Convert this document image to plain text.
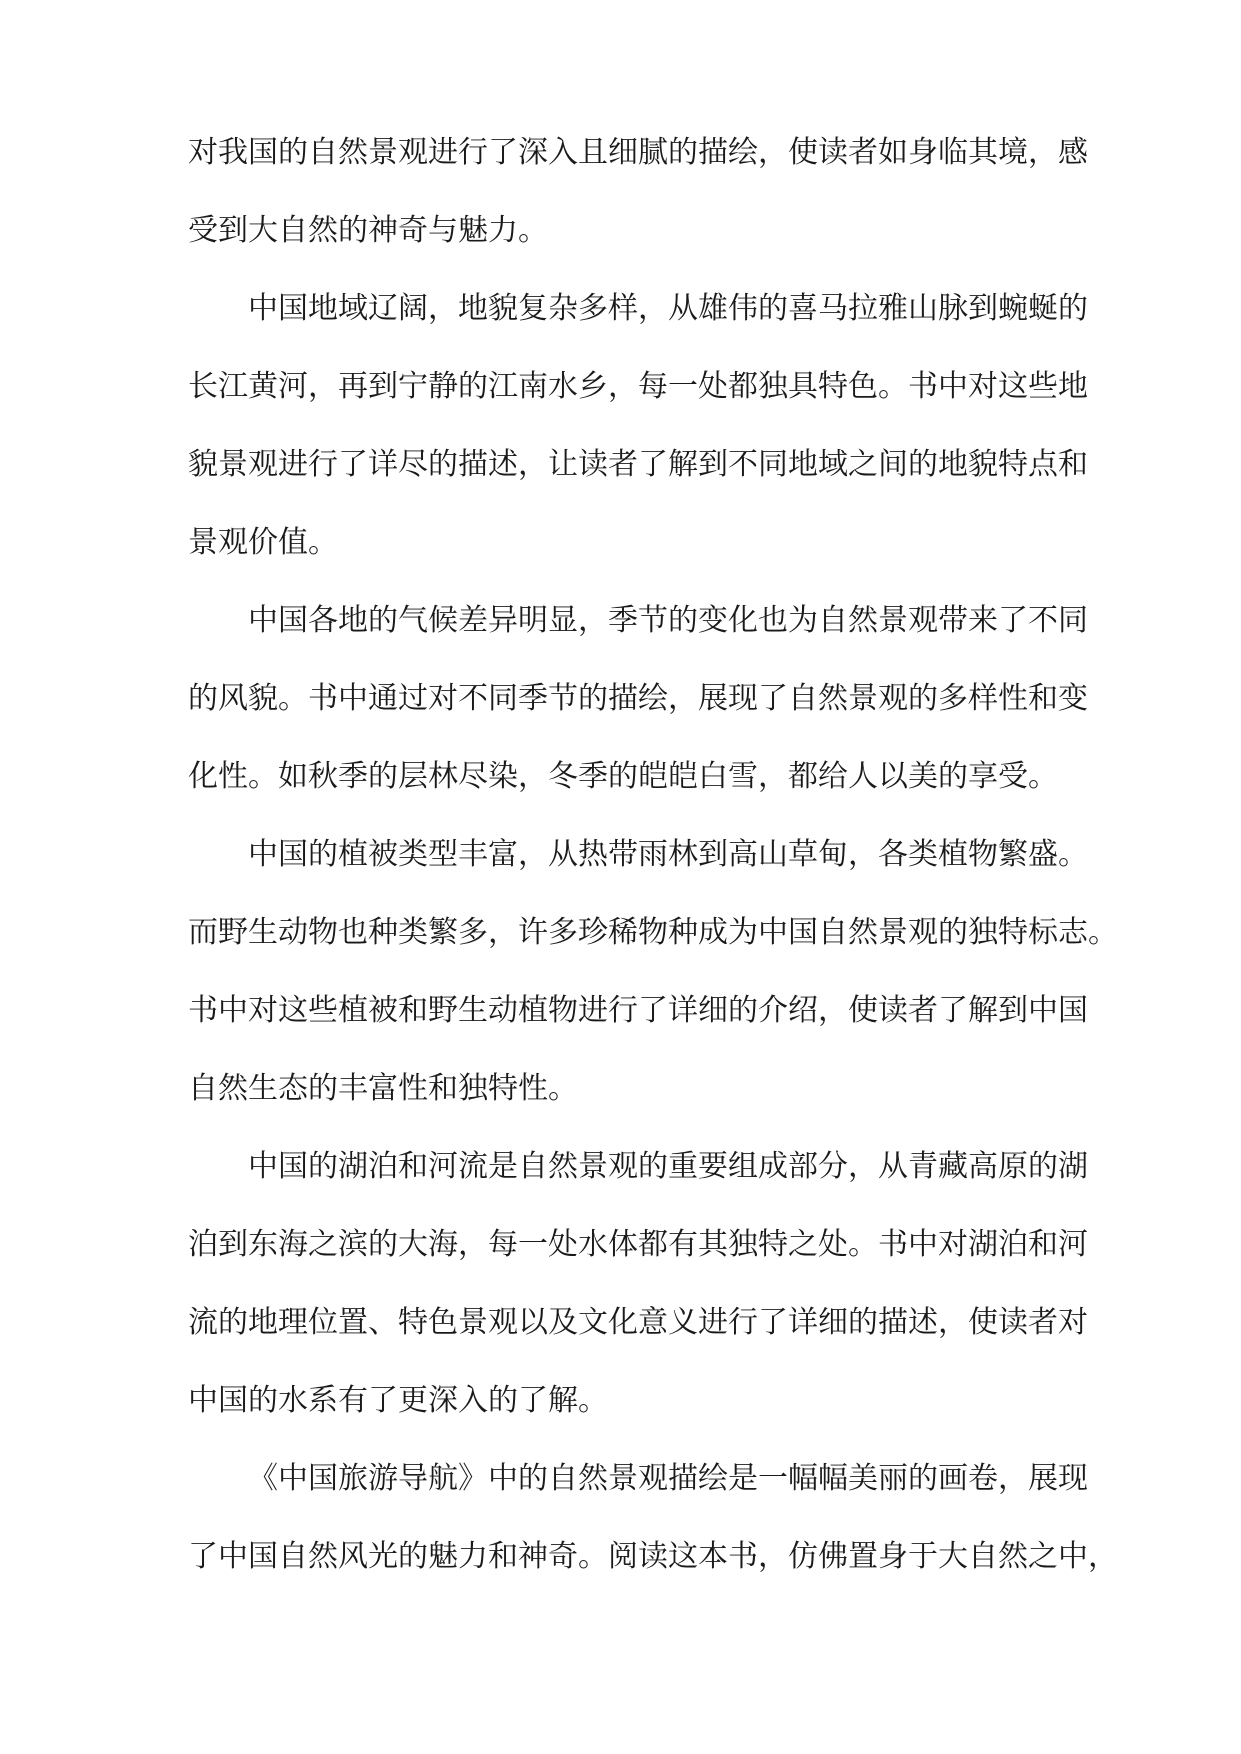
对我国的自然景观进行了深入且细腻的描绘，使读者如身临其境，感
受到大自然的神奇与魅力。
中国地域辽阔，地貌复杂多样，从雄伟的喜马拉雅山脉到蜿蜒的
长江黄河，再到宁静的江南水乡，每一处都独具特色。书中对这些地
貌景观进行了详尽的描述，让读者了解到不同地域之间的地貌特点和
景观价值。
中国各地的气候差异明显，季节的变化也为自然景观带来了不同
的风貌。书中通过对不同季节的描绘，展现了自然景观的多样性和变
化性。如秋季的层林尽染，冬季的皑皑白雪，都给人以美的享受。
中国的植被类型丰富，从热带雨林到高山草甸，各类植物繁盛。
而野生动物也种类繁多，许多珍稀物种成为中国自然景观的独特标志。
书中对这些植被和野生动植物进行了详细的介绍，使读者了解到中国
自然生态的丰富性和独特性。
中国的湖泊和河流是自然景观的重要组成部分，从青藏高原的湖
泊到东海之滨的大海，每一处水体都有其独特之处。书中对湖泊和河
流的地理位置、特色景观以及文化意义进行了详细的描述，使读者对
中国的水系有了更深入的了解。
《中国旅游导航》中的自然景观描绘是一幅幅美丽的画卷，展现
了中国自然风光的魅力和神奇。阅读这本书，仿佛置身于大自然之中，
